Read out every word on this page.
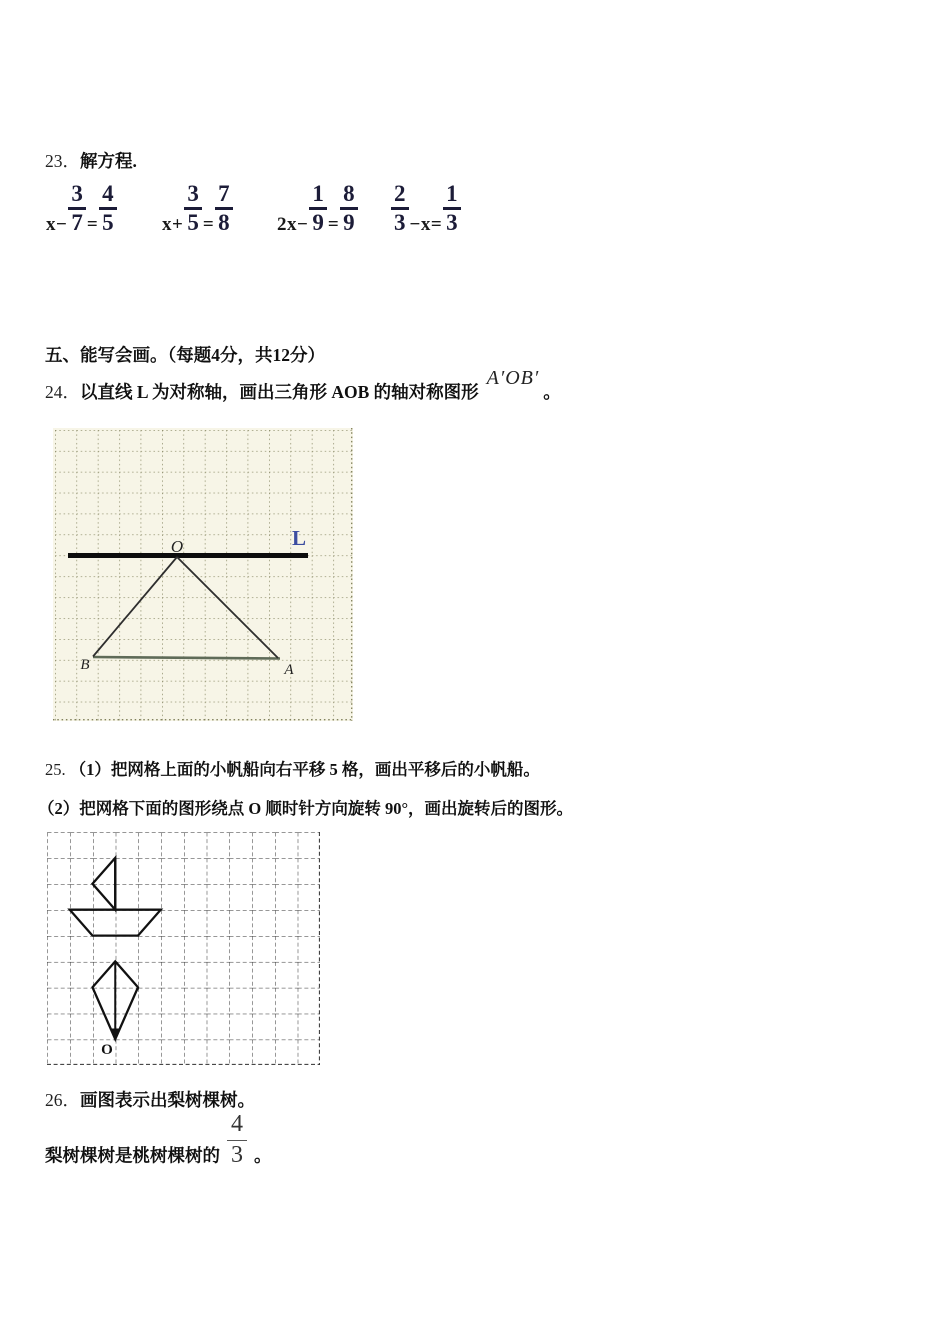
23．解方程.
$x- \frac{3}{7} = \frac{4}{5} x+ \frac{3}{5} = \frac{7}{8} 2x- \frac{1}{9} = \frac{8}{9} \frac{2}{3} -x= \frac{1}{3}$
五、能写会画。（每题4分，共12分）
24．以直线 L 为对称轴，画出三角形 AOB 的轴对称图形A′OB′。
O
B	A
L
25. （1）把网格上面的小帆船向右平移 5 格，画出平移后的小帆船。
（2）把网格下面的图形绕点 O 顺时针方向旋转 90°，画出旋转后的图形。
O
26．画图表示出梨树棵树。
梨树棵树是桃树棵树的 $\frac{4}{3}$ 。
